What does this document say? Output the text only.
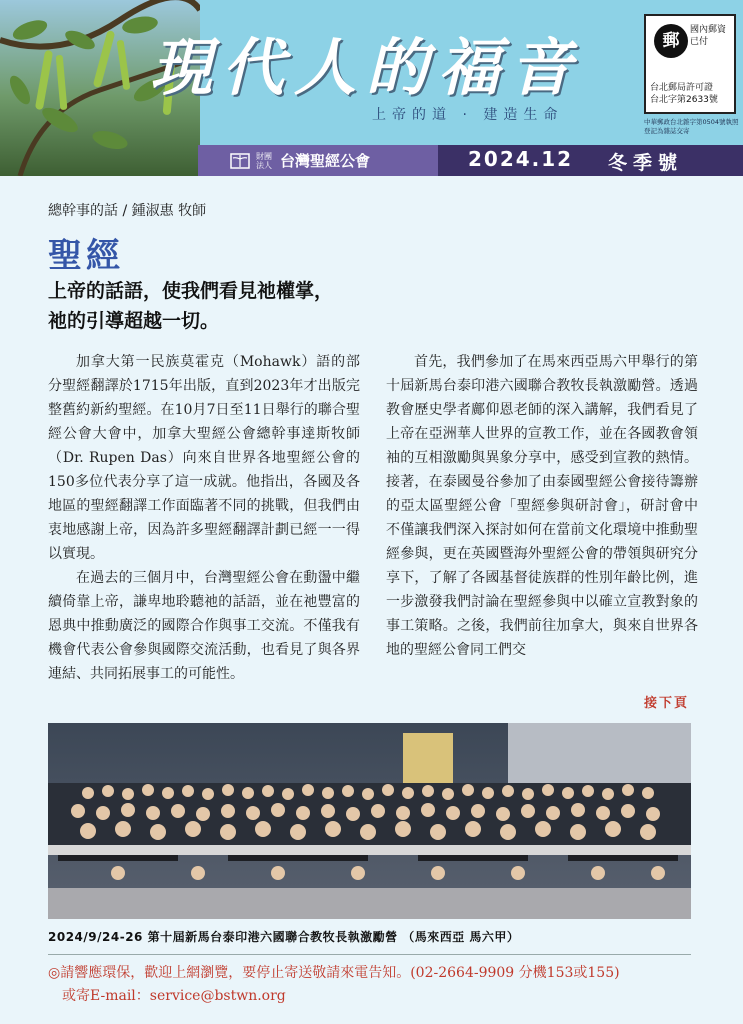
現代人的福音
上帝的道 · 建造生命
郵
國內郵資已付
台北郵局許可證
台北字第2633號
中華郵政台北雜字第0504號執照登記為雜誌交寄
財團法人 台灣聖經公會	2024.12 冬季號
總幹事的話 / 鍾淑惠 牧師
聖經
上帝的話語，使我們看見祂權掌，
祂的引導超越一切。

加拿大第一民族莫霍克（Mohawk）語的部分聖經翻譯於1715年出版，直到2023年才出版完整舊約新約聖經。在10月7日至11日舉行的聯合聖經公會大會中，加拿大聖經公會總幹事達斯牧師（Dr. Rupen Das）向來自世界各地聖經公會的150多位代表分享了這一成就。他指出，各國及各地區的聖經翻譯工作面臨著不同的挑戰，但我們由衷地感謝上帝，因為許多聖經翻譯計劃已經一一得以實現。

在過去的三個月中，台灣聖經公會在動盪中繼續倚靠上帝，謙卑地聆聽祂的話語，並在祂豐富的恩典中推動廣泛的國際合作與事工交流。不僅我有機會代表公會參與國際交流活動，也看見了與各界連結、共同拓展事工的可能性。

首先，我們參加了在馬來西亞馬六甲舉行的第十屆新馬台泰印港六國聯合教牧長執激勵營。透過教會歷史學者鄺仰恩老師的深入講解，我們看見了上帝在亞洲華人世界的宣教工作，並在各國教會領袖的互相激勵與異象分享中，感受到宣教的熱情。接著，在泰國曼谷參加了由泰國聖經公會接待籌辦的亞太區聖經公會「聖經參與研討會」，研討會中不僅讓我們深入探討如何在當前文化環境中推動聖經參與，更在英國暨海外聖經公會的帶領與研究分享下，了解了各國基督徒族群的性別年齡比例，進一步激發我們討論在聖經參與中以確立宣教對象的事工策略。之後，我們前往加拿大，與來自世界各地的聖經公會同工們交

接下頁
2024/9/24-26 第十屆新馬台泰印港六國聯合教牧長執激勵營 （馬來西亞 馬六甲）
◎請響應環保，歡迎上網瀏覽，要停止寄送敬請來電告知。(02-2664-9909 分機153或155)
或寄E-mail：service@bstwn.org
